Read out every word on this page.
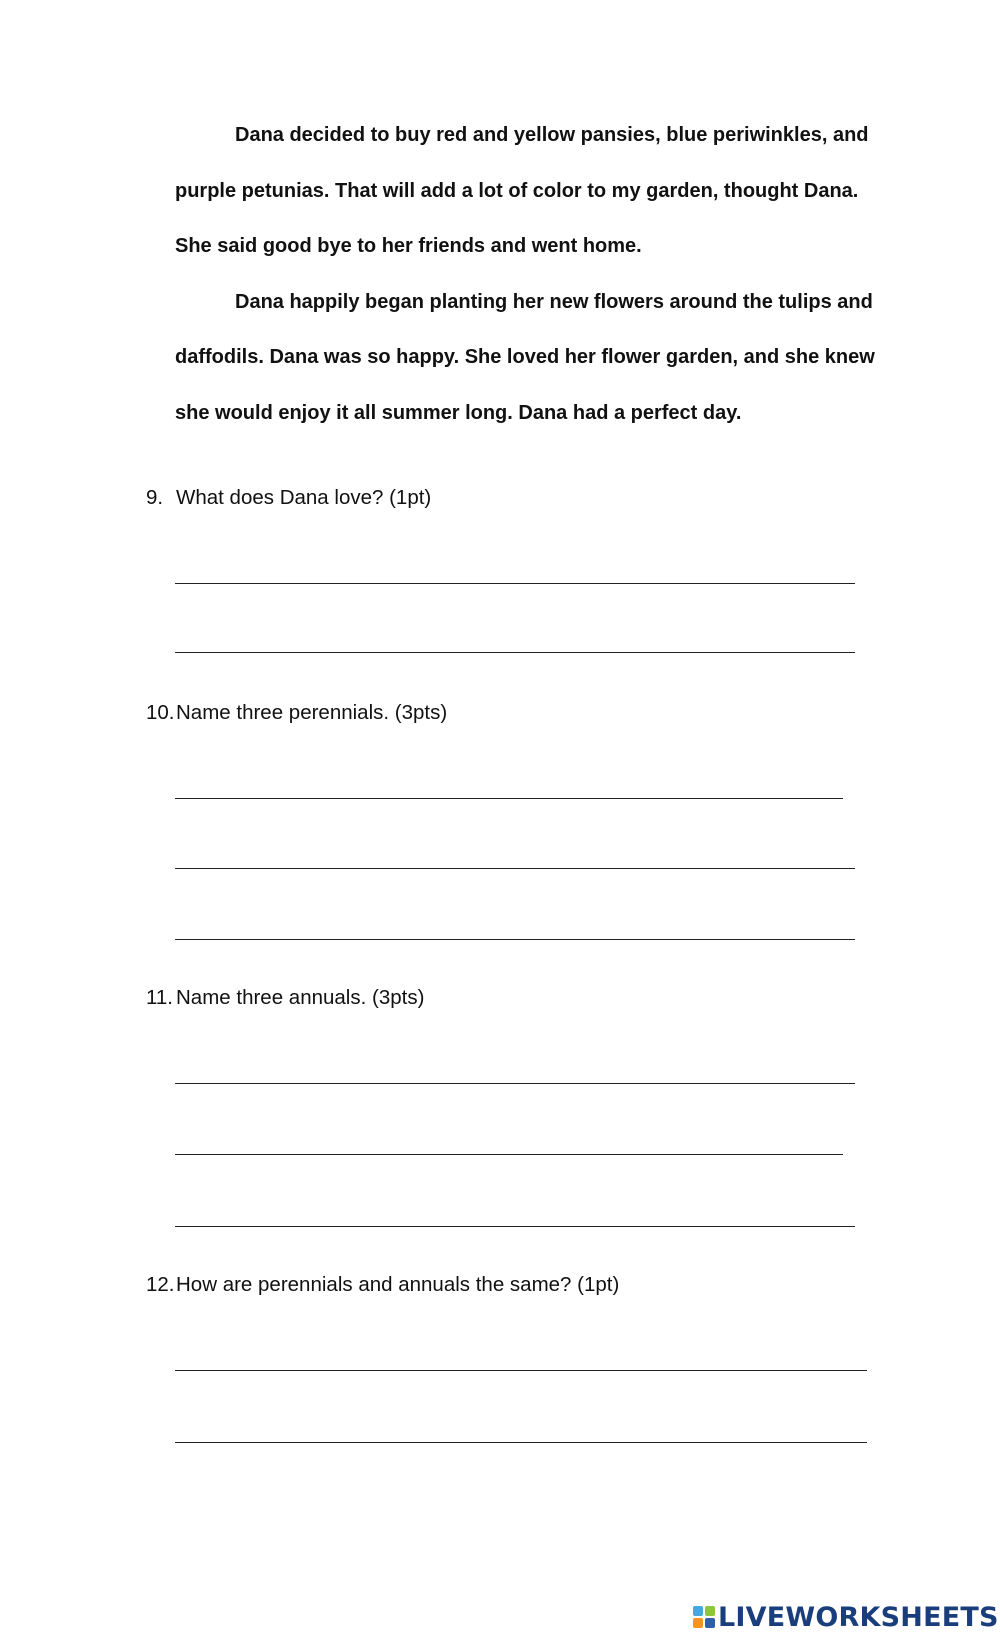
Dana decided to buy red and yellow pansies, blue periwinkles, and purple petunias. That will add a lot of color to my garden, thought Dana. She said good bye to her friends and went home.

Dana happily began planting her new flowers around the tulips and daffodils. Dana was so happy. She loved her flower garden, and she knew she would enjoy it all summer long. Dana had a perfect day.

9. What does Dana love? (1pt)
10.Name three perennials. (3pts)
11. Name three annuals. (3pts)
12.How are perennials and annuals the same? (1pt)
LIVEWORKSHEETS
